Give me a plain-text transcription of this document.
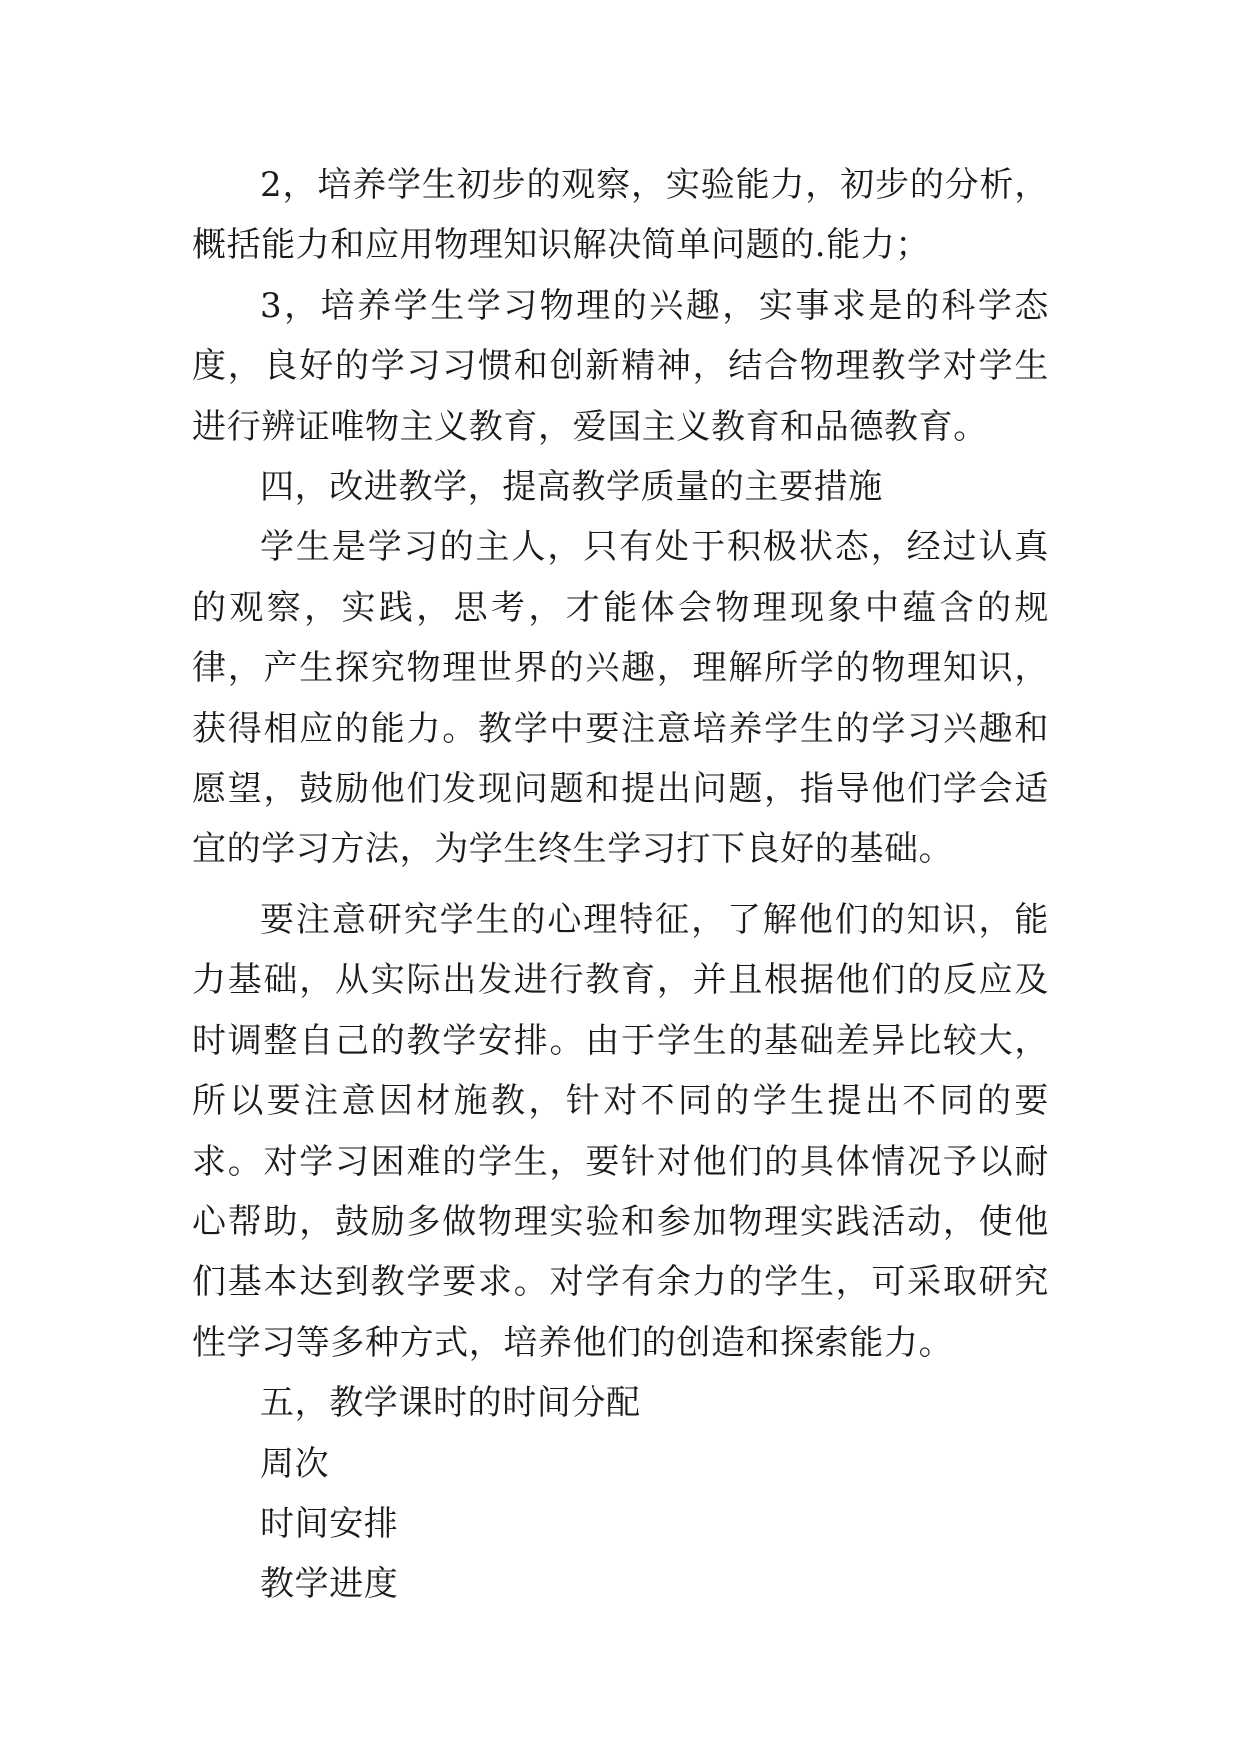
2，培养学生初步的观察，实验能力，初步的分析，概括能力和应用物理知识解决简单问题的.能力；

3，培养学生学习物理的兴趣，实事求是的科学态度，良好的学习习惯和创新精神，结合物理教学对学生进行辨证唯物主义教育，爱国主义教育和品德教育。

四，改进教学，提高教学质量的主要措施

学生是学习的主人，只有处于积极状态，经过认真的观察，实践，思考，才能体会物理现象中蕴含的规律，产生探究物理世界的兴趣，理解所学的物理知识，获得相应的能力。教学中要注意培养学生的学习兴趣和愿望，鼓励他们发现问题和提出问题，指导他们学会适宜的学习方法，为学生终生学习打下良好的基础。

要注意研究学生的心理特征，了解他们的知识，能力基础，从实际出发进行教育，并且根据他们的反应及时调整自己的教学安排。由于学生的基础差异比较大，所以要注意因材施教，针对不同的学生提出不同的要求。对学习困难的学生，要针对他们的具体情况予以耐心帮助，鼓励多做物理实验和参加物理实践活动，使他们基本达到教学要求。对学有余力的学生，可采取研究性学习等多种方式，培养他们的创造和探索能力。

五，教学课时的时间分配

周次

时间安排

教学进度
